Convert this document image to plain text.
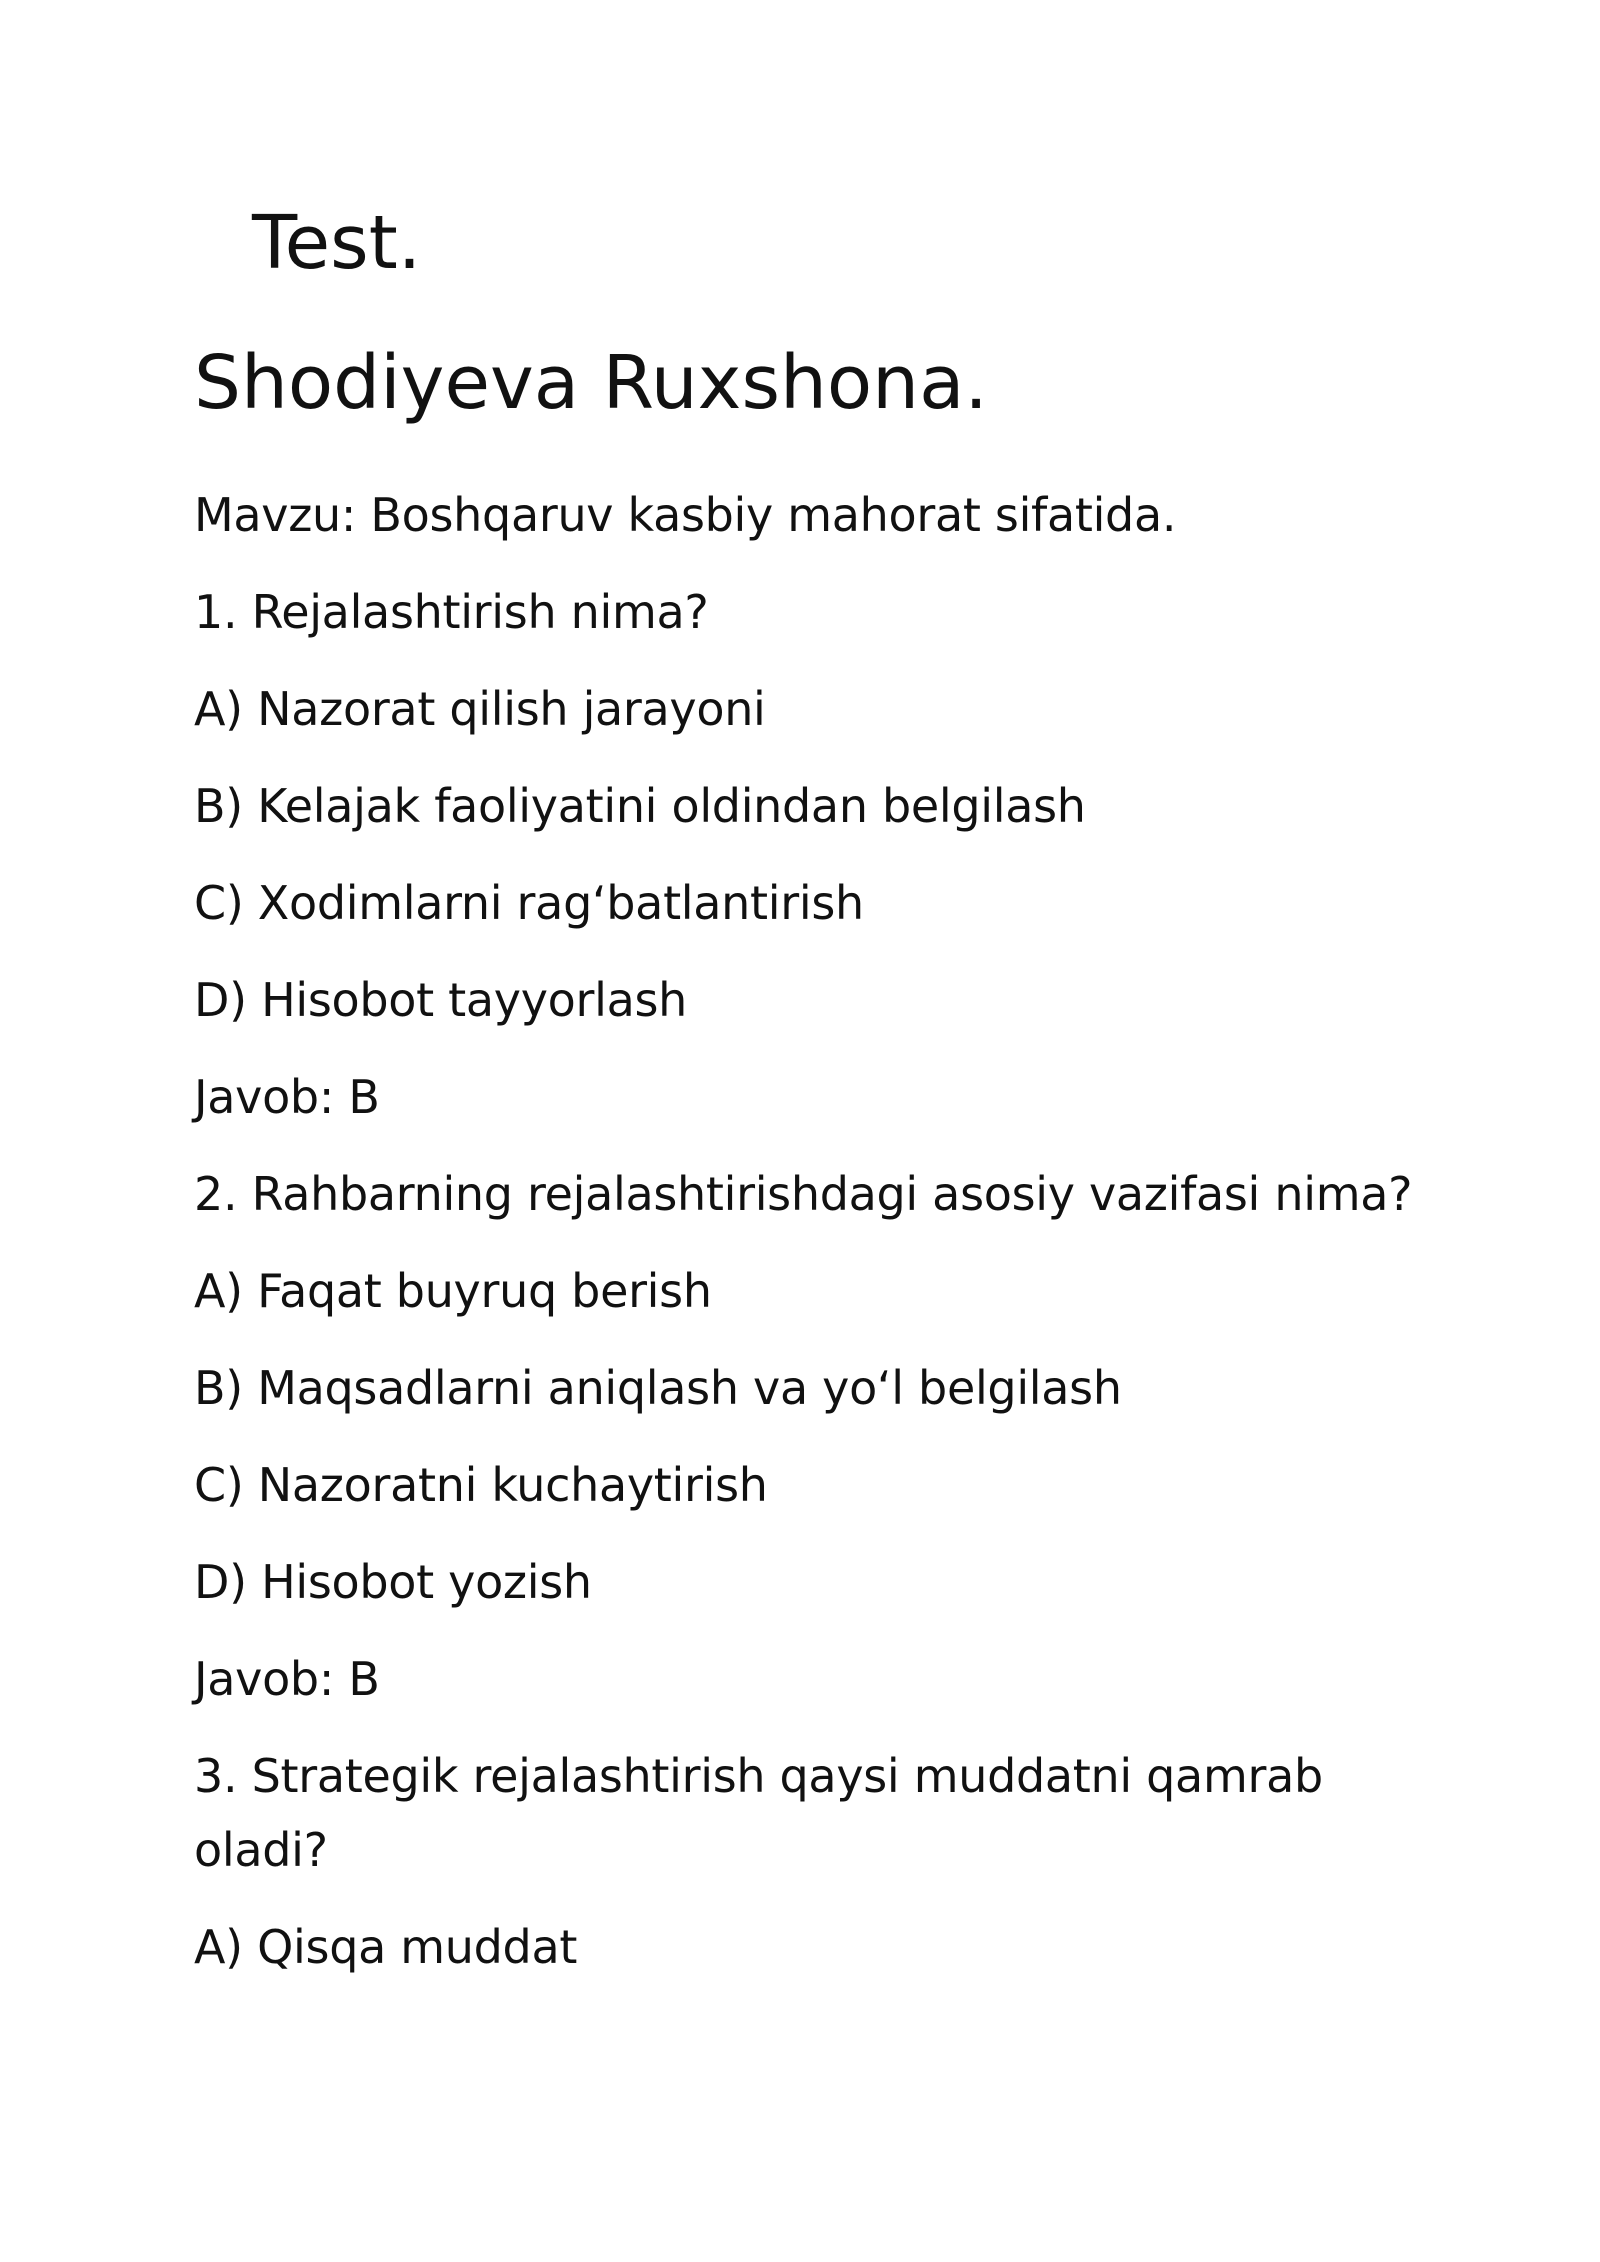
Test.
Shodiyeva Ruxshona.

Mavzu: Boshqaruv kasbiy mahorat sifatida.

1. Rejalashtirish nima?

A) Nazorat qilish jarayoni

B) Kelajak faoliyatini oldindan belgilash

C) Xodimlarni rag‘batlantirish

D) Hisobot tayyorlash

Javob: B

2. Rahbarning rejalashtirishdagi asosiy vazifasi nima?

A) Faqat buyruq berish

B) Maqsadlarni aniqlash va yo‘l belgilash

C) Nazoratni kuchaytirish

D) Hisobot yozish

Javob: B

3. Strategik rejalashtirish qaysi muddatni qamrab oladi?

A) Qisqa muddat
